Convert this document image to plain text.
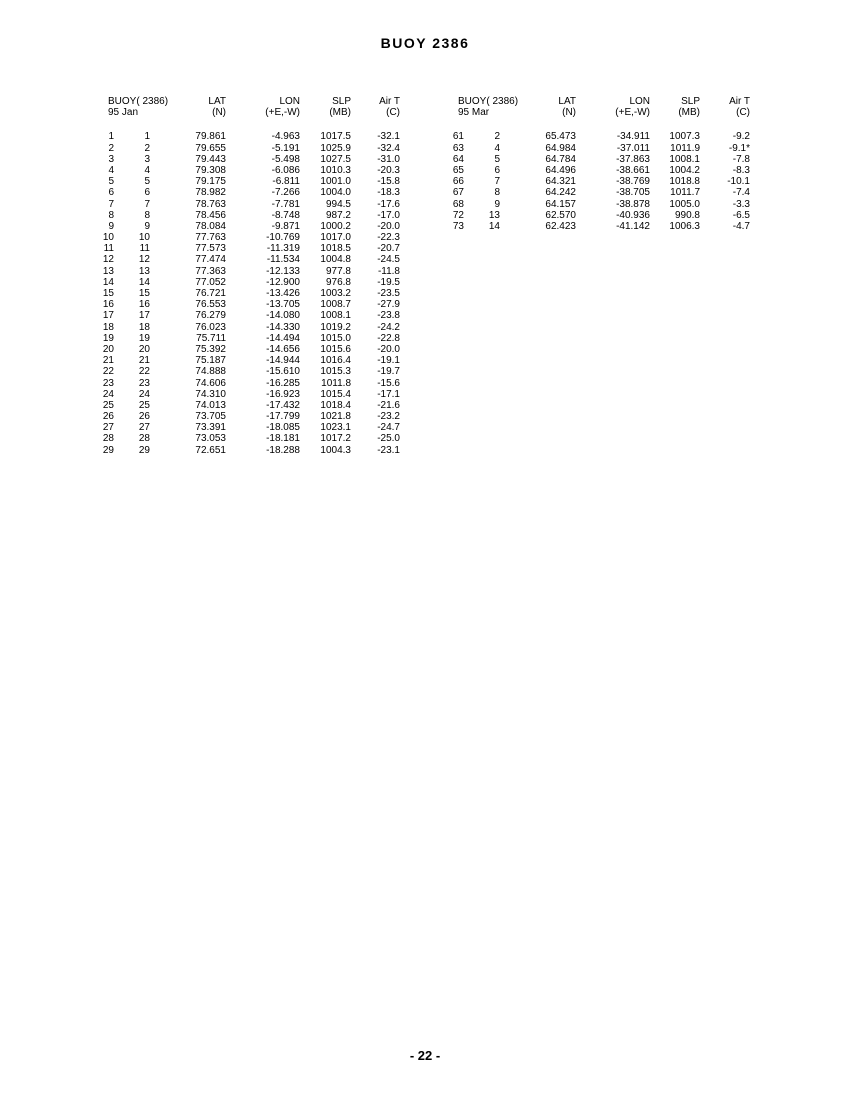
BUOY 2386
BUOY( 2386)	LAT	LON	SLP	Air T
95 Jan	(N)	(+E,-W)	(MB)	(C)
1	1	79.861	-4.963	1017.5	-32.1
2	2	79.655	-5.191	1025.9	-32.4
3	3	79.443	-5.498	1027.5	-31.0
4	4	79.308	-6.086	1010.3	-20.3
5	5	79.175	-6.811	1001.0	-15.8
6	6	78.982	-7.266	1004.0	-18.3
7	7	78.763	-7.781	994.5	-17.6
8	8	78.456	-8.748	987.2	-17.0
9	9	78.084	-9.871	1000.2	-20.0
10	10	77.763	-10.769	1017.0	-22.3
11	11	77.573	-11.319	1018.5	-20.7
12	12	77.474	-11.534	1004.8	-24.5
13	13	77.363	-12.133	977.8	-11.8
14	14	77.052	-12.900	976.8	-19.5
15	15	76.721	-13.426	1003.2	-23.5
16	16	76.553	-13.705	1008.7	-27.9
17	17	76.279	-14.080	1008.1	-23.8
18	18	76.023	-14.330	1019.2	-24.2
19	19	75.711	-14.494	1015.0	-22.8
20	20	75.392	-14.656	1015.6	-20.0
21	21	75.187	-14.944	1016.4	-19.1
22	22	74.888	-15.610	1015.3	-19.7
23	23	74.606	-16.285	1011.8	-15.6
24	24	74.310	-16.923	1015.4	-17.1
25	25	74.013	-17.432	1018.4	-21.6
26	26	73.705	-17.799	1021.8	-23.2
27	27	73.391	-18.085	1023.1	-24.7
28	28	73.053	-18.181	1017.2	-25.0
29	29	72.651	-18.288	1004.3	-23.1
BUOY( 2386)	LAT	LON	SLP	Air T
95 Mar	(N)	(+E,-W)	(MB)	(C)
61	2	65.473	-34.911	1007.3	-9.2
63	4	64.984	-37.011	1011.9	-9.1*
64	5	64.784	-37.863	1008.1	-7.8
65	6	64.496	-38.661	1004.2	-8.3
66	7	64.321	-38.769	1018.8	-10.1
67	8	64.242	-38.705	1011.7	-7.4
68	9	64.157	-38.878	1005.0	-3.3
72	13	62.570	-40.936	990.8	-6.5
73	14	62.423	-41.142	1006.3	-4.7
- 22 -
